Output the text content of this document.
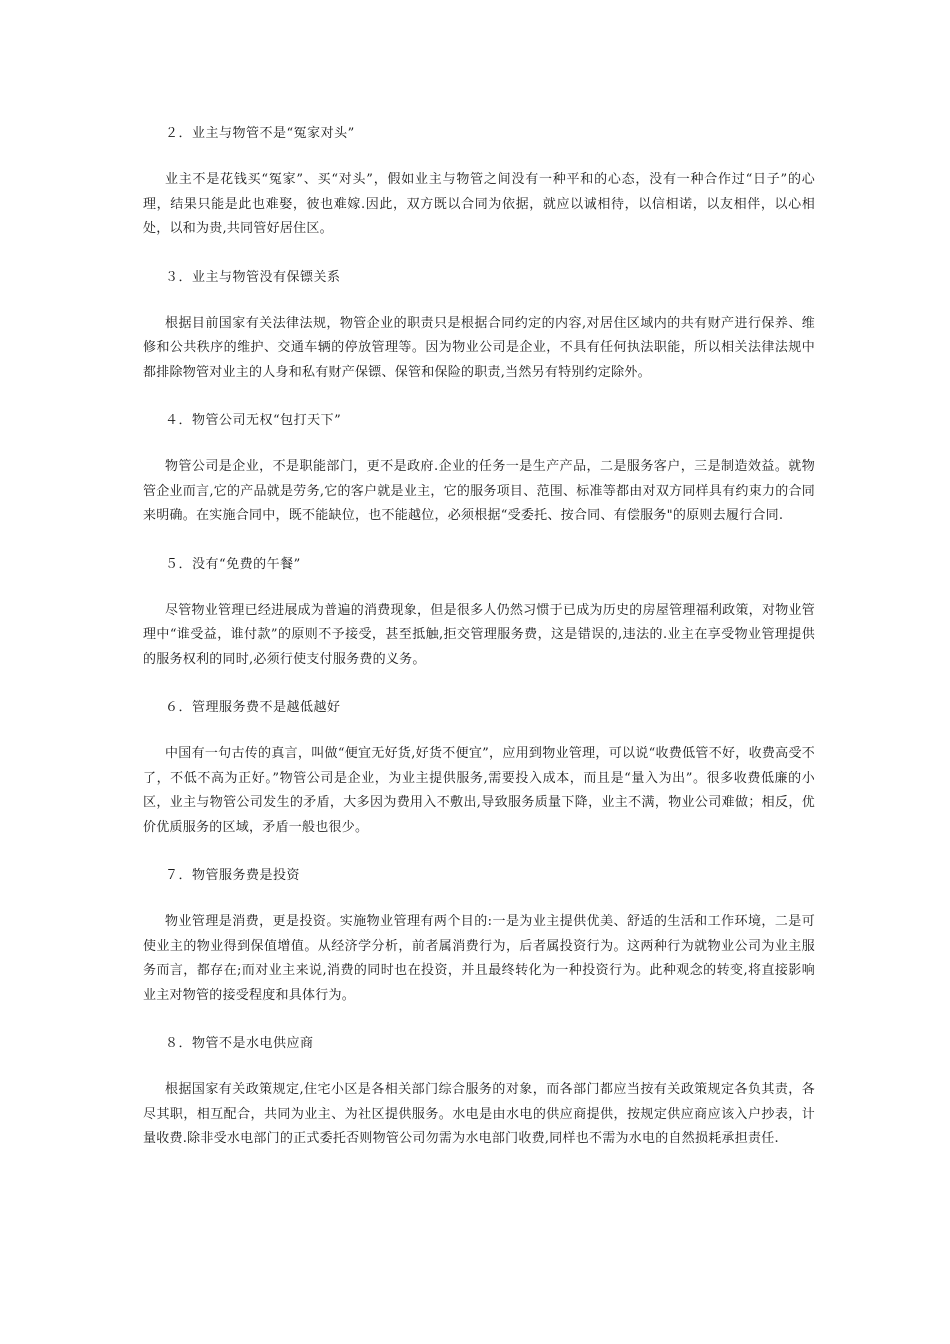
２．业主与物管不是“冤家对头”
业主不是花钱买“冤家”、买“对头”，假如业主与物管之间没有一种平和的心态，没有一种合作过“日子”的心理，结果只能是此也难娶，彼也难嫁.因此，双方既以合同为依据，就应以诚相待，以信相诺，以友相伴，以心相处，以和为贵,共同管好居住区。
３．业主与物管没有保镖关系
根据目前国家有关法律法规，物管企业的职责只是根据合同约定的内容,对居住区域内的共有财产进行保养、维修和公共秩序的维护、交通车辆的停放管理等。因为物业公司是企业，不具有任何执法职能，所以相关法律法规中都排除物管对业主的人身和私有财产保镖、保管和保险的职责,当然另有特别约定除外。
４．物管公司无权“包打天下”
物管公司是企业，不是职能部门，更不是政府.企业的任务一是生产产品，二是服务客户，三是制造效益。就物管企业而言,它的产品就是劳务,它的客户就是业主，它的服务项目、范围、标准等都由对双方同样具有约束力的合同来明确。在实施合同中，既不能缺位，也不能越位，必须根据“受委托、按合同、有偿服务"的原则去履行合同.
５．没有“免费的午餐”
尽管物业管理已经进展成为普遍的消费现象，但是很多人仍然习惯于已成为历史的房屋管理福利政策，对物业管理中“谁受益，谁付款”的原则不予接受，甚至抵触,拒交管理服务费，这是错误的,违法的.业主在享受物业管理提供的服务权利的同时,必须行使支付服务费的义务。
６．管理服务费不是越低越好
中国有一句古传的真言，叫做“便宜无好货,好货不便宜”，应用到物业管理，可以说“收费低管不好，收费高受不了，不低不高为正好。”物管公司是企业，为业主提供服务,需要投入成本，而且是“量入为出”。很多收费低廉的小区，业主与物管公司发生的矛盾，大多因为费用入不敷出,导致服务质量下降，业主不满，物业公司难做；相反，优价优质服务的区域，矛盾一般也很少。
７．物管服务费是投资
物业管理是消费，更是投资。实施物业管理有两个目的:一是为业主提供优美、舒适的生活和工作环境，二是可使业主的物业得到保值增值。从经济学分析，前者属消费行为，后者属投资行为。这两种行为就物业公司为业主服务而言，都存在;而对业主来说,消费的同时也在投资，并且最终转化为一种投资行为。此种观念的转变,将直接影响业主对物管的接受程度和具体行为。
８．物管不是水电供应商
根据国家有关政策规定,住宅小区是各相关部门综合服务的对象，而各部门都应当按有关政策规定各负其责，各尽其职，相互配合，共同为业主、为社区提供服务。水电是由水电的供应商提供，按规定供应商应该入户抄表，计量收费.除非受水电部门的正式委托否则物管公司勿需为水电部门收费,同样也不需为水电的自然损耗承担责任.
